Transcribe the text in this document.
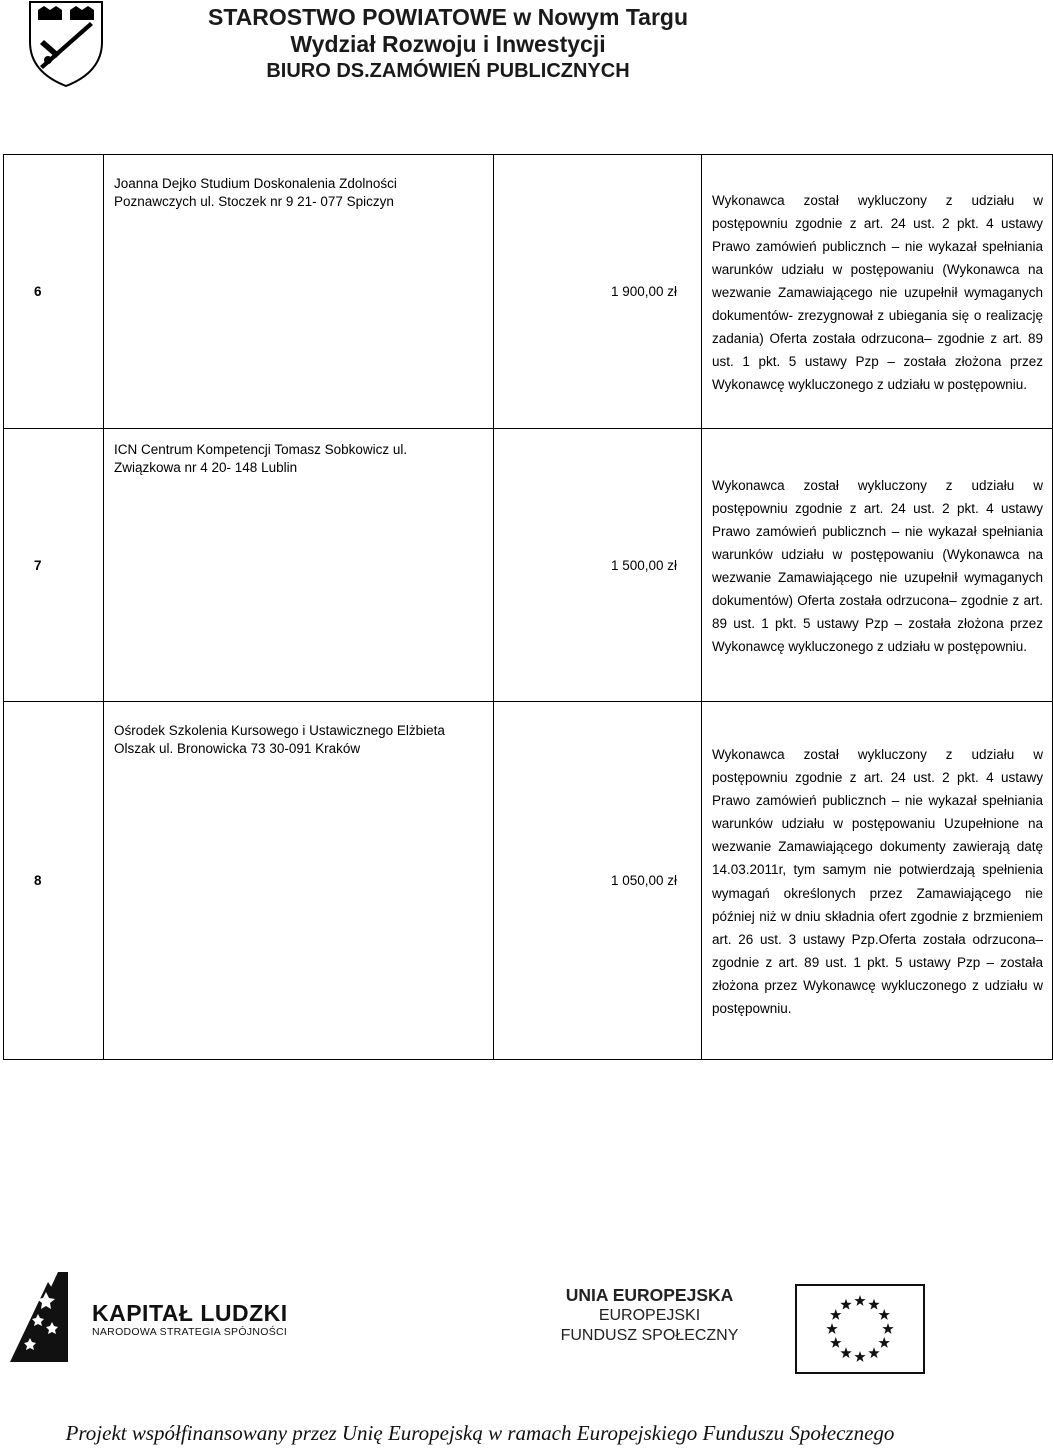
STAROSTWO POWIATOWE w Nowym Targu
Wydział Rozwoju i Inwestycji
BIURO DS.ZAMÓWIEŃ PUBLICZNYCH
6	Joanna Dejko Studium Doskonalenia Zdolności
Poznawczych ul. Stoczek nr 9 21- 077 Spiczyn	1 900,00 zł	Wykonawca został wykluczony z udziału w postępowniu zgodnie z art. 24 ust. 2 pkt. 4 ustawy Prawo zamówień publicznch – nie wykazał spełniania warunków udziału w postępowaniu (Wykonawca na wezwanie Zamawiającego nie uzupełnił wymaganych dokumentów- zrezygnował z ubiegania się o realizację zadania) Oferta została odrzucona– zgodnie z art. 89 ust. 1 pkt. 5 ustawy Pzp – została złożona przez Wykonawcę wykluczonego z udziału w postępowniu.

7	ICN Centrum Kompetencji Tomasz Sobkowicz ul.
Związkowa nr 4 20- 148 Lublin	1 500,00 zł	Wykonawca został wykluczony z udziału w postępowniu zgodnie z art. 24 ust. 2 pkt. 4 ustawy Prawo zamówień publicznch – nie wykazał spełniania warunków udziału w postępowaniu (Wykonawca na wezwanie Zamawiającego nie uzupełnił wymaganych dokumentów) Oferta została odrzucona– zgodnie z art. 89 ust. 1 pkt. 5 ustawy Pzp – została złożona przez Wykonawcę wykluczonego z udziału w postępowniu.

8	Ośrodek Szkolenia Kursowego i Ustawicznego Elżbieta
Olszak ul. Bronowicka 73 30-091 Kraków	1 050,00 zł	Wykonawca został wykluczony z udziału w postępowniu zgodnie z art. 24 ust. 2 pkt. 4 ustawy Prawo zamówień publicznch – nie wykazał spełniania warunków udziału w postępowaniu Uzupełnione na wezwanie Zamawiającego dokumenty zawierają datę 14.03.2011r, tym samym nie potwierdzają spełnienia wymagań określonych przez Zamawiającego nie później niż w dniu składnia ofert zgodnie z brzmieniem art. 26 ust. 3 ustawy Pzp.Oferta została odrzucona– zgodnie z art. 89 ust. 1 pkt. 5 ustawy Pzp – została złożona przez Wykonawcę wykluczonego z udziału w postępowniu.

KAPITAŁ LUDZKI
NARODOWA STRATEGIA SPÓJNOŚCI
UNIA EUROPEJSKA
EUROPEJSKI
FUNDUSZ SPOŁECZNY
Projekt współfinansowany przez Unię Europejską w ramach Europejskiego Funduszu Społecznego
